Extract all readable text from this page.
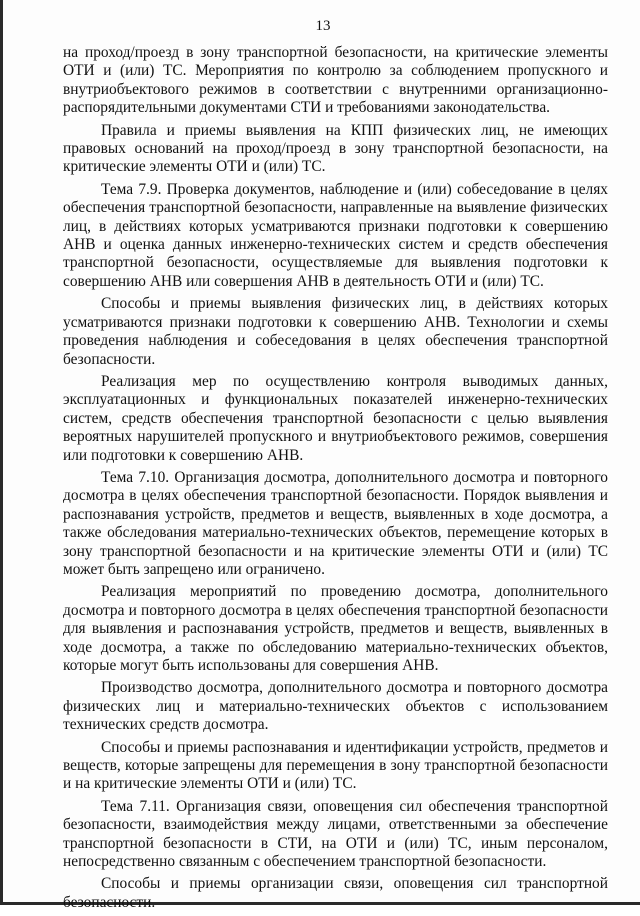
13

на проход/проезд в зону транспортной безопасности, на критические элементы ОТИ и (или) ТС. Мероприятия по контролю за соблюдением пропускного и внутриобъектового режимов в соответствии с внутренними организационно-распорядительными документами СТИ и требованиями законодательства.

Правила и приемы выявления на КПП физических лиц, не имеющих правовых оснований на проход/проезд в зону транспортной безопасности, на критические элементы ОТИ и (или) ТС.

Тема 7.9. Проверка документов, наблюдение и (или) собеседование в целях обеспечения транспортной безопасности, направленные на выявление физических лиц, в действиях которых усматриваются признаки подготовки к совершению АНВ и оценка данных инженерно-технических систем и средств обеспечения транспортной безопасности, осуществляемые для выявления подготовки к совершению АНВ или совершения АНВ в деятельность ОТИ и (или) ТС.

Способы и приемы выявления физических лиц, в действиях которых усматриваются признаки подготовки к совершению АНВ. Технологии и схемы проведения наблюдения и собеседования в целях обеспечения транспортной безопасности.

Реализация мер по осуществлению контроля выводимых данных, эксплуатационных и функциональных показателей инженерно-технических систем, средств обеспечения транспортной безопасности с целью выявления вероятных нарушителей пропускного и внутриобъектового режимов, совершения или подготовки к совершению АНВ.

Тема 7.10. Организация досмотра, дополнительного досмотра и повторного досмотра в целях обеспечения транспортной безопасности. Порядок выявления и распознавания устройств, предметов и веществ, выявленных в ходе досмотра, а также обследования материально-технических объектов, перемещение которых в зону транспортной безопасности и на критические элементы ОТИ и (или) ТС может быть запрещено или ограничено.

Реализация мероприятий по проведению досмотра, дополнительного досмотра и повторного досмотра в целях обеспечения транспортной безопасности для выявления и распознавания устройств, предметов и веществ, выявленных в ходе досмотра, а также по обследованию материально-технических объектов, которые могут быть использованы для совершения АНВ.

Производство досмотра, дополнительного досмотра и повторного досмотра физических лиц и материально-технических объектов с использованием технических средств досмотра.

Способы и приемы распознавания и идентификации устройств, предметов и веществ, которые запрещены для перемещения в зону транспортной безопасности и на критические элементы ОТИ и (или) ТС.

Тема 7.11. Организация связи, оповещения сил обеспечения транспортной безопасности, взаимодействия между лицами, ответственными за обеспечение транспортной безопасности в СТИ, на ОТИ и (или) ТС, иным персоналом, непосредственно связанным с обеспечением транспортной безопасности.

Способы и приемы организации связи, оповещения сил транспортной безопасности.
